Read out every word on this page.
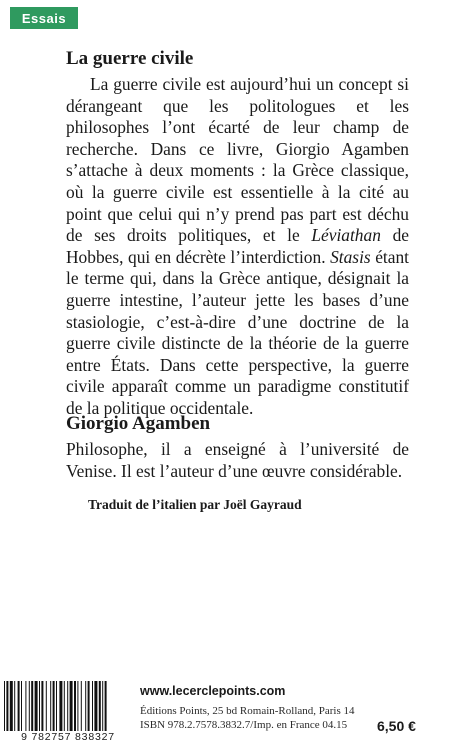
Essais
La guerre civile

La guerre civile est aujourd’hui un concept si dérangeant que les politologues et les philosophes l’ont écarté de leur champ de recherche. Dans ce livre, Giorgio Agamben s’attache à deux moments : la Grèce classique, où la guerre civile est essentielle à la cité au point que celui qui n’y prend pas part est déchu de ses droits politiques, et le Léviathan de Hobbes, qui en décrète l’interdiction. Stasis étant le terme qui, dans la Grèce antique, désignait la guerre intestine, l’auteur jette les bases d’une stasiologie, c’est-à-dire d’une doctrine de la guerre civile distincte de la théorie de la guerre entre États. Dans cette perspective, la guerre civile apparaît comme un paradigme constitutif de la politique occidentale.

Giorgio Agamben

Philosophe, il a enseigné à l’université de Venise. Il est l’auteur d’une œuvre considérable.

Traduit de l’italien par Joël Gayraud
9 782757 838327
www.lecerclepoints.com
Éditions Points, 25 bd Romain-Rolland, Paris 14
ISBN 978.2.7578.3832.7/Imp. en France 04.15	6,50 €
